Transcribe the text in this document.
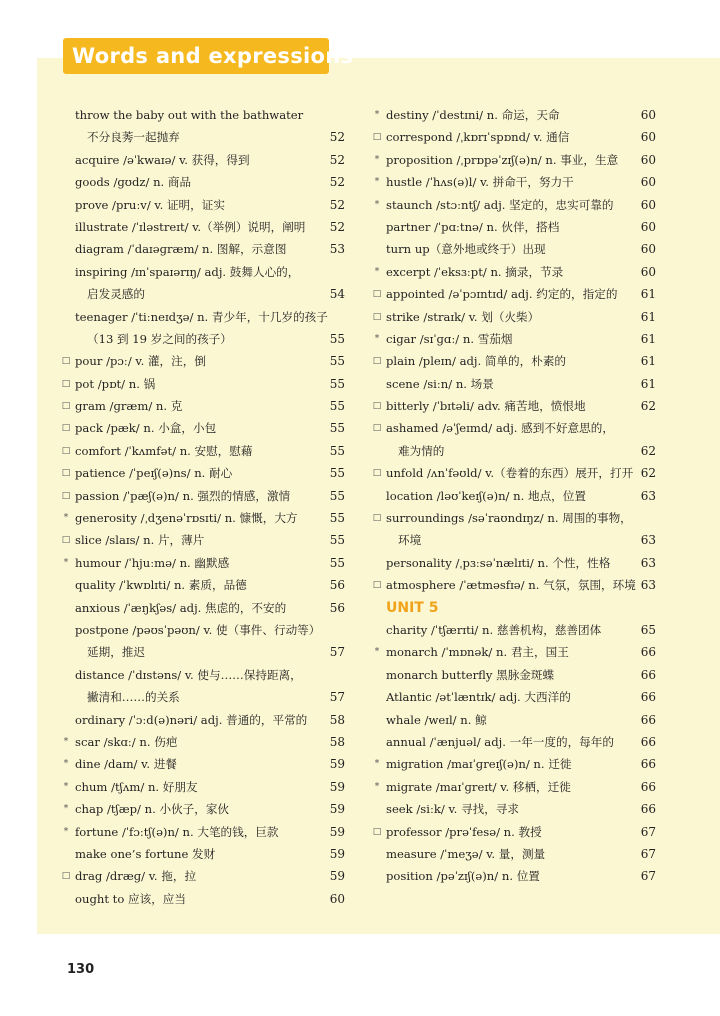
Words and expressions bilibili
throw the baby out with the bathwater
不分良莠一起抛弃	52
acquire /əˈkwaɪə/ v. 获得，得到	52
goods /ɡʊdz/ n. 商品	52
prove /pruːv/ v. 证明，证实	52
illustrate /ˈɪləstreɪt/ v.（举例）说明，阐明 52
diagram /ˈdaɪəɡræm/ n. 图解，示意图	53
inspiring /ɪnˈspaɪərɪŋ/ adj. 鼓舞人心的，
启发灵感的	54
teenager /ˈtiːneɪdʒə/ n. 青少年，十几岁的孩子
（13 到 19 岁之间的孩子）	55
□ pour /pɔː/ v. 灌，注，倒	55
□ pot /pɒt/ n. 锅	55
□ gram /ɡræm/ n. 克	55
□ pack /pæk/ n. 小盒，小包	55
□ comfort /ˈkʌmfət/ n. 安慰，慰藉	55
□ patience /ˈpeɪʃ(ə)ns/ n. 耐心	55
□ passion /ˈpæʃ(ə)n/ n. 强烈的情感，激情	55
* generosity /ˌdʒenəˈrɒsɪti/ n. 慷慨，大方	55
□ slice /slaɪs/ n. 片，薄片	55
* humour /ˈhjuːmə/ n. 幽默感	55
quality /ˈkwɒlɪti/ n. 素质，品德	56
anxious /ˈæŋkʃəs/ adj. 焦虑的，不安的	56
postpone /pəʊsˈpəʊn/ v. 使（事件、行动等）
延期，推迟	57
distance /ˈdɪstəns/ v. 使与……保持距离，
撇清和……的关系	57
ordinary /ˈɔːd(ə)nəri/ adj. 普通的，平常的 58
* scar /skɑː/ n. 伤疤	58
* dine /daɪn/ v. 进餐	59
* chum /tʃʌm/ n. 好朋友	59
* chap /tʃæp/ n. 小伙子，家伙	59
* fortune /ˈfɔːtʃ(ə)n/ n. 大笔的钱，巨款	59
make one’s fortune 发财	59
□ drag /dræɡ/ v. 拖，拉	59
ought to 应该，应当	60
* destiny /ˈdestɪni/ n. 命运，天命	60
□ correspond /ˌkɒrɪˈspɒnd/ v. 通信	60
* proposition /ˌprɒpəˈzɪʃ(ə)n/ n. 事业，生意 60
* hustle /ˈhʌs(ə)l/ v. 拼命干，努力干	60
* staunch /stɔːntʃ/ adj. 坚定的，忠实可靠的 60
partner /ˈpɑːtnə/ n. 伙伴，搭档	60
turn up（意外地或终于）出现	60
* excerpt /ˈeksɜːpt/ n. 摘录，节录	60
□ appointed /əˈpɔɪntɪd/ adj. 约定的，指定的 61
□ strike /straɪk/ v. 划（火柴）	61
* cigar /sɪˈɡɑː/ n. 雪茄烟	61
□ plain /pleɪn/ adj. 简单的，朴素的	61
scene /siːn/ n. 场景	61
□ bitterly /ˈbɪtəli/ adv. 痛苦地，愤恨地	62
□ ashamed /əˈʃeɪmd/ adj. 感到不好意思的，
难为情的	62
□ unfold /ʌnˈfəʊld/ v.（卷着的东西）展开，打开 62
location /ləʊˈkeɪʃ(ə)n/ n. 地点，位置	63
□ surroundings /səˈraʊndɪŋz/ n. 周围的事物，
环境	63
personality /ˌpɜːsəˈnælɪti/ n. 个性，性格	63
□ atmosphere /ˈætməsfɪə/ n. 气氛，氛围，环境 63
UNIT 5
charity /ˈtʃærɪti/ n. 慈善机构，慈善团体	65
* monarch /ˈmɒnək/ n. 君主，国王	66
monarch butterfly 黑脉金斑蝶	66
Atlantic /ətˈlæntɪk/ adj. 大西洋的	66
whale /weɪl/ n. 鲸	66
annual /ˈænjuəl/ adj. 一年一度的，每年的 66
* migration /maɪˈɡreɪʃ(ə)n/ n. 迁徙	66
* migrate /maɪˈɡreɪt/ v. 移栖，迁徙	66
seek /siːk/ v. 寻找，寻求	66
□ professor /prəˈfesə/ n. 教授	67
measure /ˈmeʒə/ v. 量，测量	67
position /pəˈzɪʃ(ə)n/ n. 位置	67
130
